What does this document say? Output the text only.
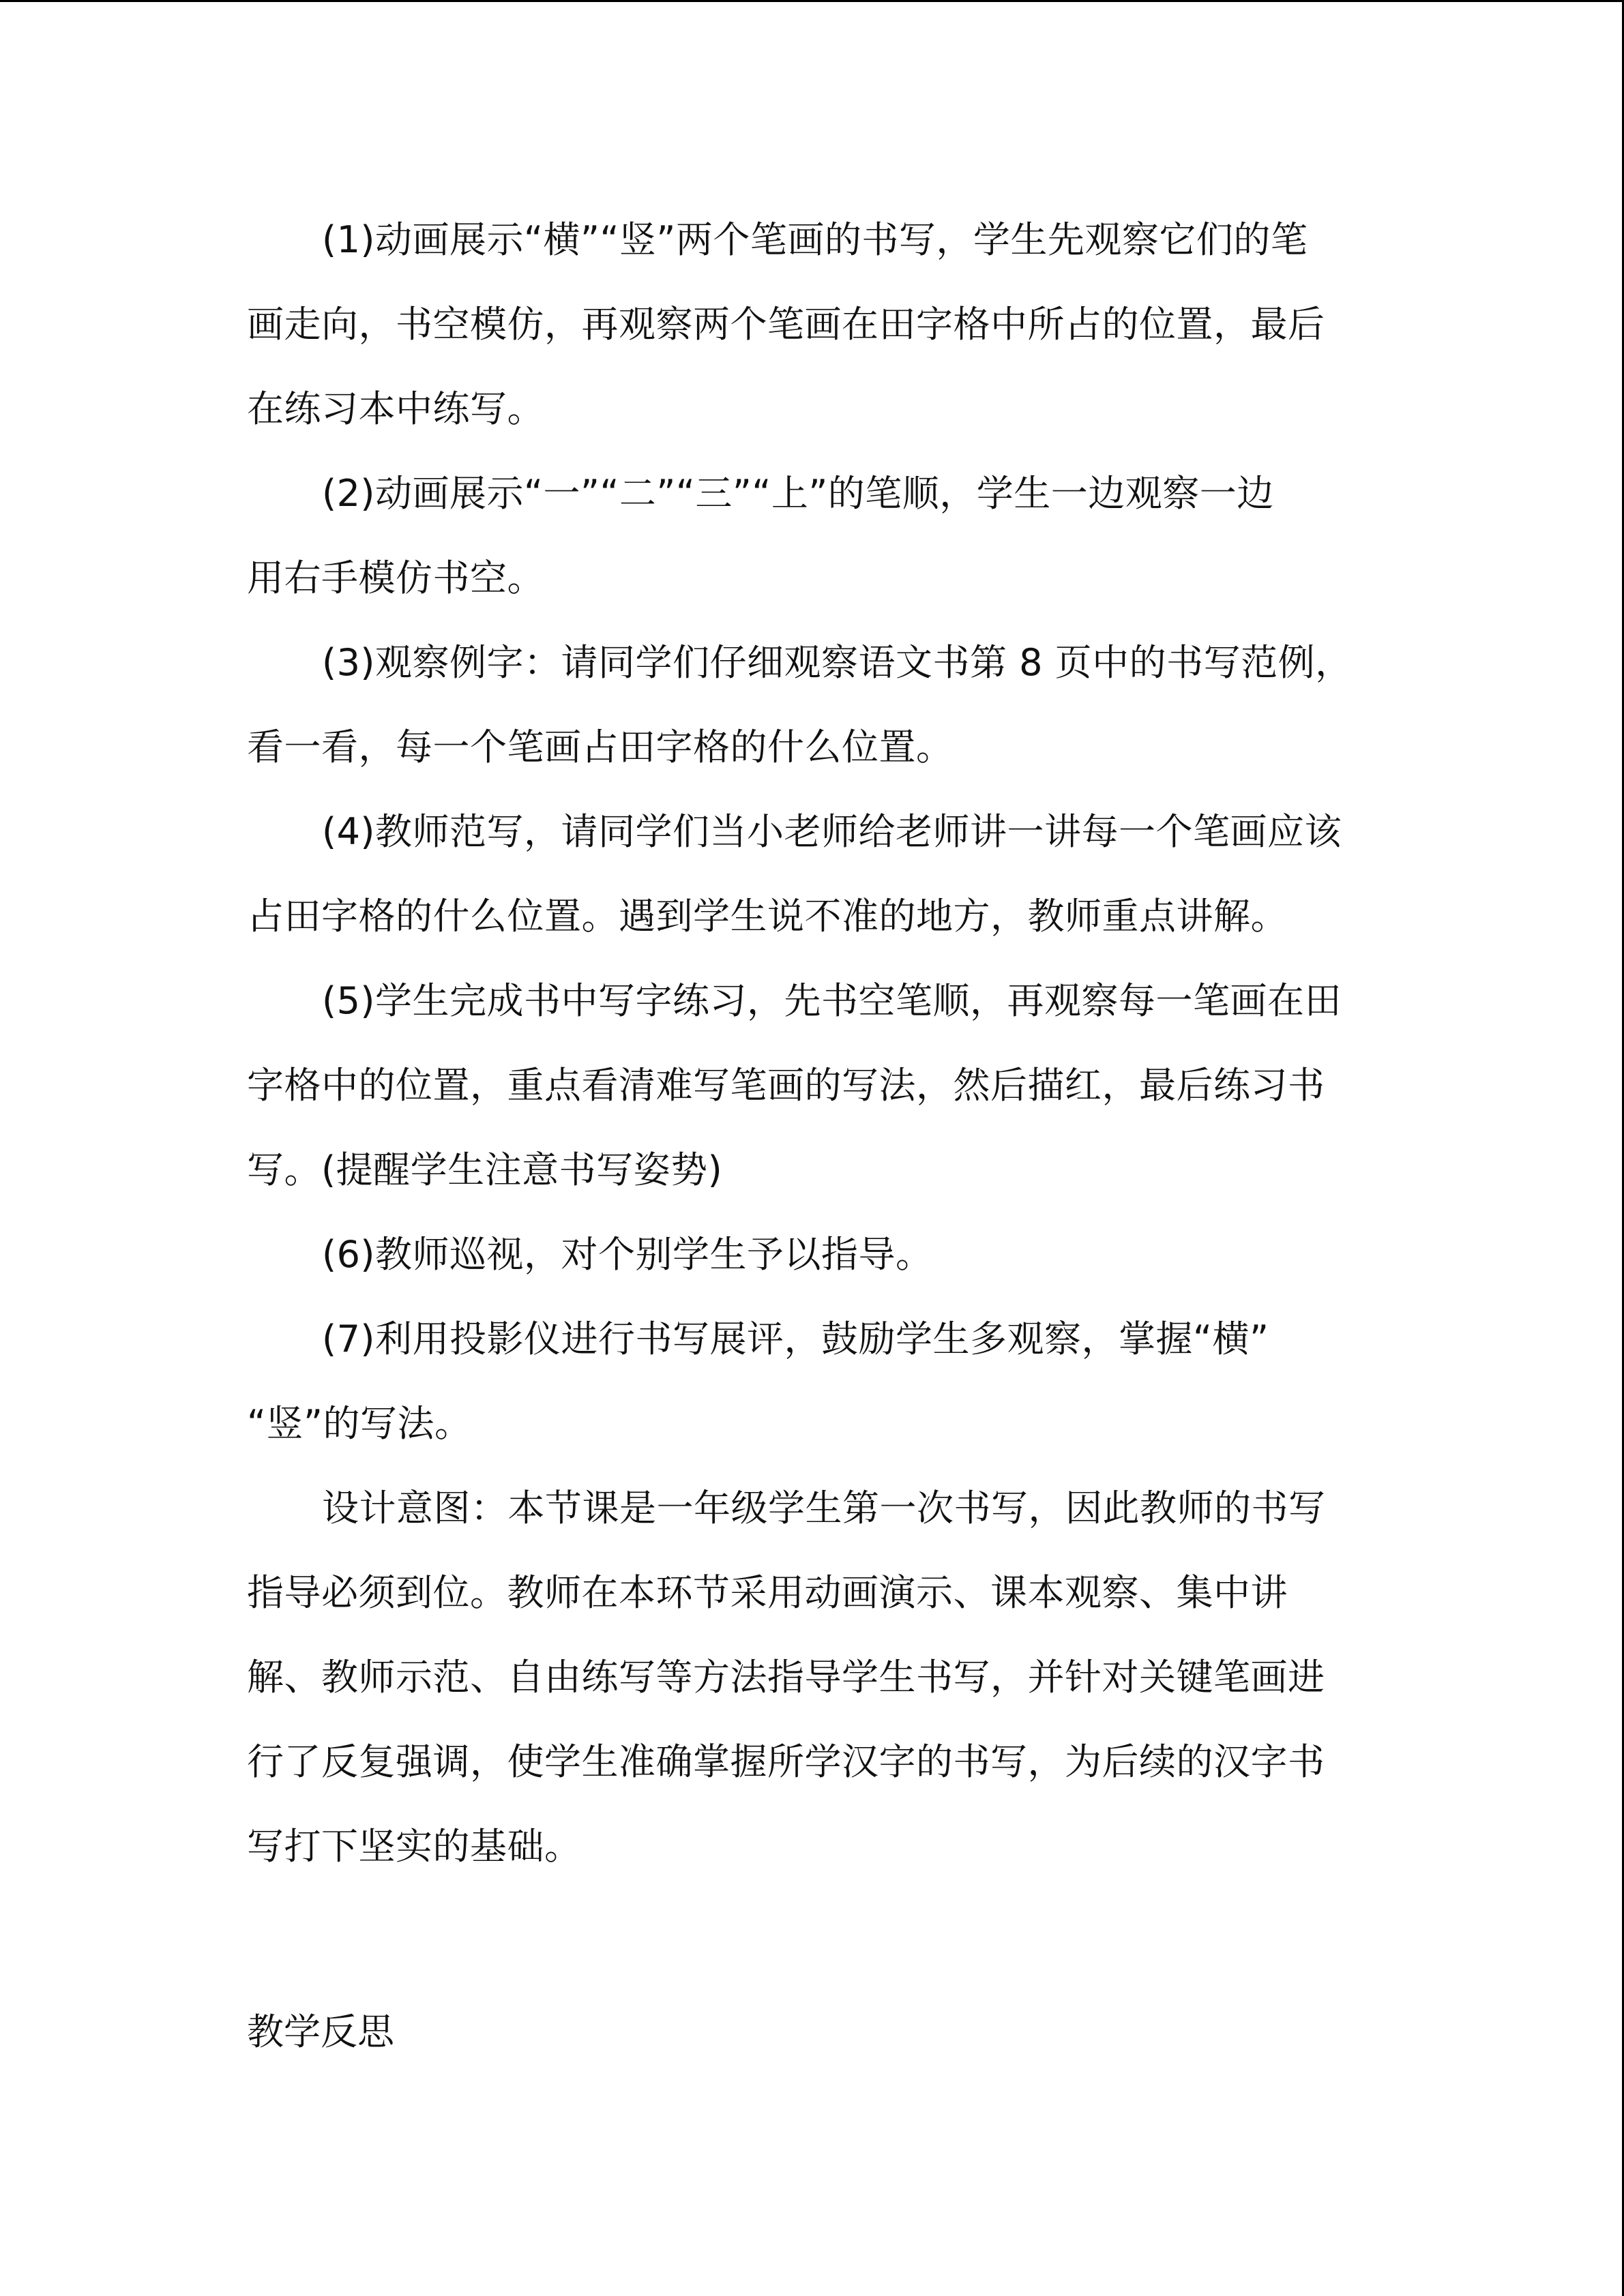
(1)动画展示“横”“竖”两个笔画的书写，学生先观察它们的笔
画走向，书空模仿，再观察两个笔画在田字格中所占的位置，最后
在练习本中练写。
(2)动画展示“一”“二”“三”“上”的笔顺，学生一边观察一边
用右手模仿书空。
(3)观察例字：请同学们仔细观察语文书第 8 页中的书写范例，
看一看，每一个笔画占田字格的什么位置。
(4)教师范写，请同学们当小老师给老师讲一讲每一个笔画应该
占田字格的什么位置。遇到学生说不准的地方，教师重点讲解。
(5)学生完成书中写字练习，先书空笔顺，再观察每一笔画在田
字格中的位置，重点看清难写笔画的写法，然后描红，最后练习书
写。(提醒学生注意书写姿势)
(6)教师巡视，对个别学生予以指导。
(7)利用投影仪进行书写展评，鼓励学生多观察，掌握“横”
“竖”的写法。
设计意图：本节课是一年级学生第一次书写，因此教师的书写
指导必须到位。教师在本环节采用动画演示、课本观察、集中讲
解、教师示范、自由练写等方法指导学生书写，并针对关键笔画进
行了反复强调，使学生准确掌握所学汉字的书写，为后续的汉字书
写打下坚实的基础。
教学反思
